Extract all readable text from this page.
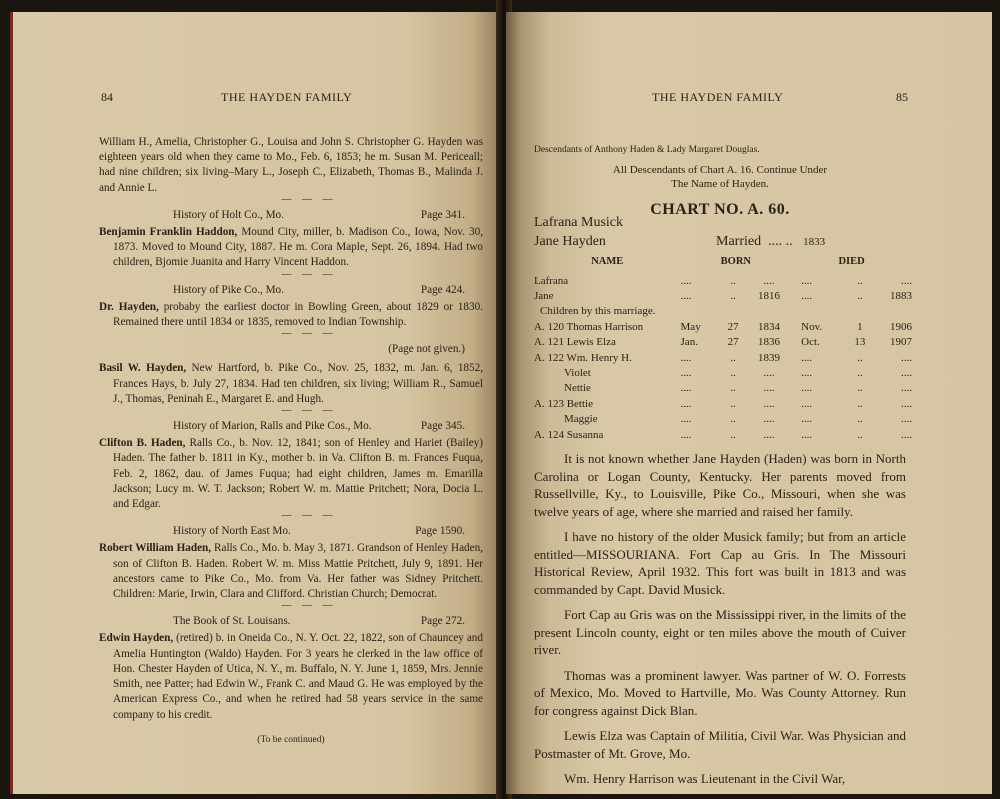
84	THE HAYDEN FAMILY
William H., Amelia, Christopher G., Louisa and John S. Christopher G. Hayden was eighteen years old when they came to Mo., Feb. 6, 1853; he m. Susan M. Periceall; had nine children; six living–Mary L., Joseph C., Elizabeth, Thomas B., Malinda J. and Annie L.
— — —
History of Holt Co., Mo.	Page 341.
Benjamin Franklin Haddon, Mound City, miller, b. Madison Co., Iowa, Nov. 30, 1873. Moved to Mound City, 1887. He m. Cora Maple, Sept. 26, 1894. Had two children, Bjomie Juanita and Harry Vincent Haddon.
— — —
History of Pike Co., Mo.	Page 424.
Dr. Hayden, probaby the earliest doctor in Bowling Green, about 1829 or 1830. Remained there until 1834 or 1835, removed to Indian Township.
— — —
(Page not given.)
Basil W. Hayden, New Hartford, b. Pike Co., Nov. 25, 1832, m. Jan. 6, 1852, Frances Hays, b. July 27, 1834. Had ten children, six living; William R., Samuel J., Thomas, Peninah E., Margaret E. and Hugh.
— — —
History of Marion, Ralls and Pike Cos., Mo.	Page 345.
Clifton B. Haden, Ralls Co., b. Nov. 12, 1841; son of Henley and Hariet (Bailey) Haden. The father b. 1811 in Ky., mother b. in Va. Clifton B. m. Frances Fuqua, Feb. 2, 1862, dau. of James Fuqua; had eight children, James m. Emarilla Jackson; Lucy m. W. T. Jackson; Robert W. m. Mattie Pritchett; Nora, Docia L. and Edgar.
— — —
History of North East Mo.	Page 1590.
Robert William Haden, Ralls Co., Mo. b. May 3, 1871. Grandson of Henley Haden, son of Clifton B. Haden. Robert W. m. Miss Mattie Pritchett, July 9, 1891. Her ancestors came to Pike Co., Mo. from Va. Her father was Sidney Pritchett. Children: Marie, Irwin, Clara and Clifford. Christian Church; Democrat.
— — —
The Book of St. Louisans.	Page 272.
Edwin Hayden, (retired) b. in Oneida Co., N. Y. Oct. 22, 1822, son of Chauncey and Amelia Huntington (Waldo) Hayden. For 3 years he clerked in the law office of Hon. Chester Hayden of Utica, N. Y., m. Buffalo, N. Y. June 1, 1859, Mrs. Jennie Smith, nee Patter; had Edwin W., Frank C. and Maud G. He was employed by the American Express Co., and when he retired had 58 years service in the same company to his credit.
(To be continued)
THE HAYDEN FAMILY	85
Descendants of Anthony Haden & Lady Margaret Douglas.
All Descendants of Chart A. 16. Continue Under
The Name of Hayden.
CHART NO. A. 60.
Lafrana Musick
Jane Hayden	Married .... .. 1833
NAME	BORN			DIED		
Lafrana	....	..	....	....	..	....
Jane	....	..	1816	....	..	1883
Children by this marriage.						
A. 120 Thomas Harrison	May	27	1834	Nov.	1	1906
A. 121 Lewis Elza	Jan.	27	1836	Oct.	13	1907
A. 122 Wm. Henry H.	....	..	1839	....	..	....
Violet	....	..	....	....	..	....
Nettie	....	..	....	....	..	....
A. 123 Bettie	....	..	....	....	..	....
Maggie	....	..	....	....	..	....
A. 124 Susanna	....	..	....	....	..	....

It is not known whether Jane Hayden (Haden) was born in North Carolina or Logan County, Kentucky. Her parents moved from Russellville, Ky., to Louisville, Pike Co., Missouri, when she was twelve years of age, where she married and raised her family.

I have no history of the older Musick family; but from an article entitled—MISSOURIANA. Fort Cap au Gris. In The Missouri Historical Review, April 1932. This fort was built in 1813 and was commanded by Capt. David Musick.

Fort Cap au Gris was on the Mississippi river, in the limits of the present Lincoln county, eight or ten miles above the mouth of Cuiver river.

Thomas was a prominent lawyer. Was partner of W. O. Forrests of Mexico, Mo. Moved to Hartville, Mo. Was County Attorney. Run for congress against Dick Blan.

Lewis Elza was Captain of Militia, Civil War. Was Physician and Postmaster of Mt. Grove, Mo.

Wm. Henry Harrison was Lieutenant in the Civil War,
